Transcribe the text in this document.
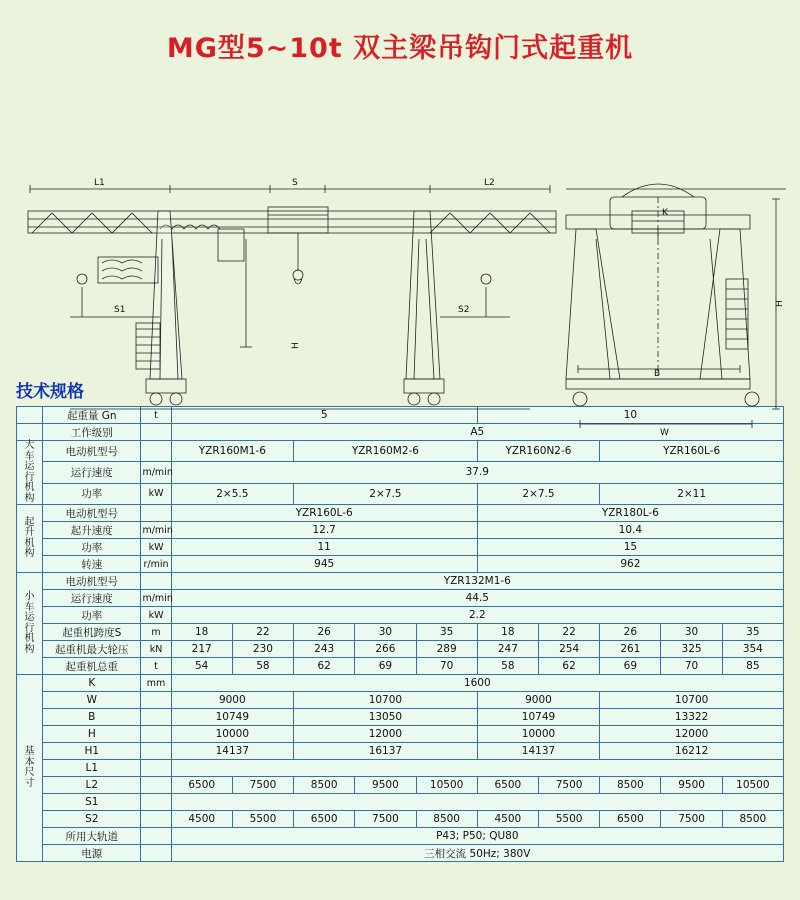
MG型5~10t 双主梁吊钩门式起重机
L1	S	L2
S1	S2
H
K
B
W
H
技术规格
	起重量 Gn	t	5					10				
	工作级别		A5									
大
车
运
行
机
构	电动机型号		YZR160M1-6	YZR160M2-6	YZR160N2-6	YZR160L-6
	运行速度	m/min	37.9									
	功率	kW	2×5.5		2×7.5			2×7.5		2×11		
起
升
机
构	电动机型号		YZR160L-6					YZR180L-6				
	起升速度	m/min	12.7					10.4				
	功率	kW	11					15				
	转速	r/min	945					962				
小
车
运
行
机
构	电动机型号		YZR132M1-6
	运行速度	m/min	44.5									
	功率	kW	2.2									
	起重机跨度S	m	18	22	26	30	35	18	22	26	30	35
	起重机最大轮压	kN	217	230	243	266	289	247	254	261	325	354
	起重机总重	t	54	58	62	69	70	58	62	69	70	85
基
本
尺
寸	K	mm	1600									
	W		9000		10700			9000		10700		
	B		10749		13050			10749		13322		
	H		10000		12000			10000		12000		
	H1		14137		16137			14137		16212		
	L1											
	L2		6500	7500	8500	9500	10500	6500	7500	8500	9500	10500
	S1											
	S2		4500	5500	6500	7500	8500	4500	5500	6500	7500	8500
	所用大轨道		P43; P50; QU80									
	电源		三相交流 50Hz; 380V									
